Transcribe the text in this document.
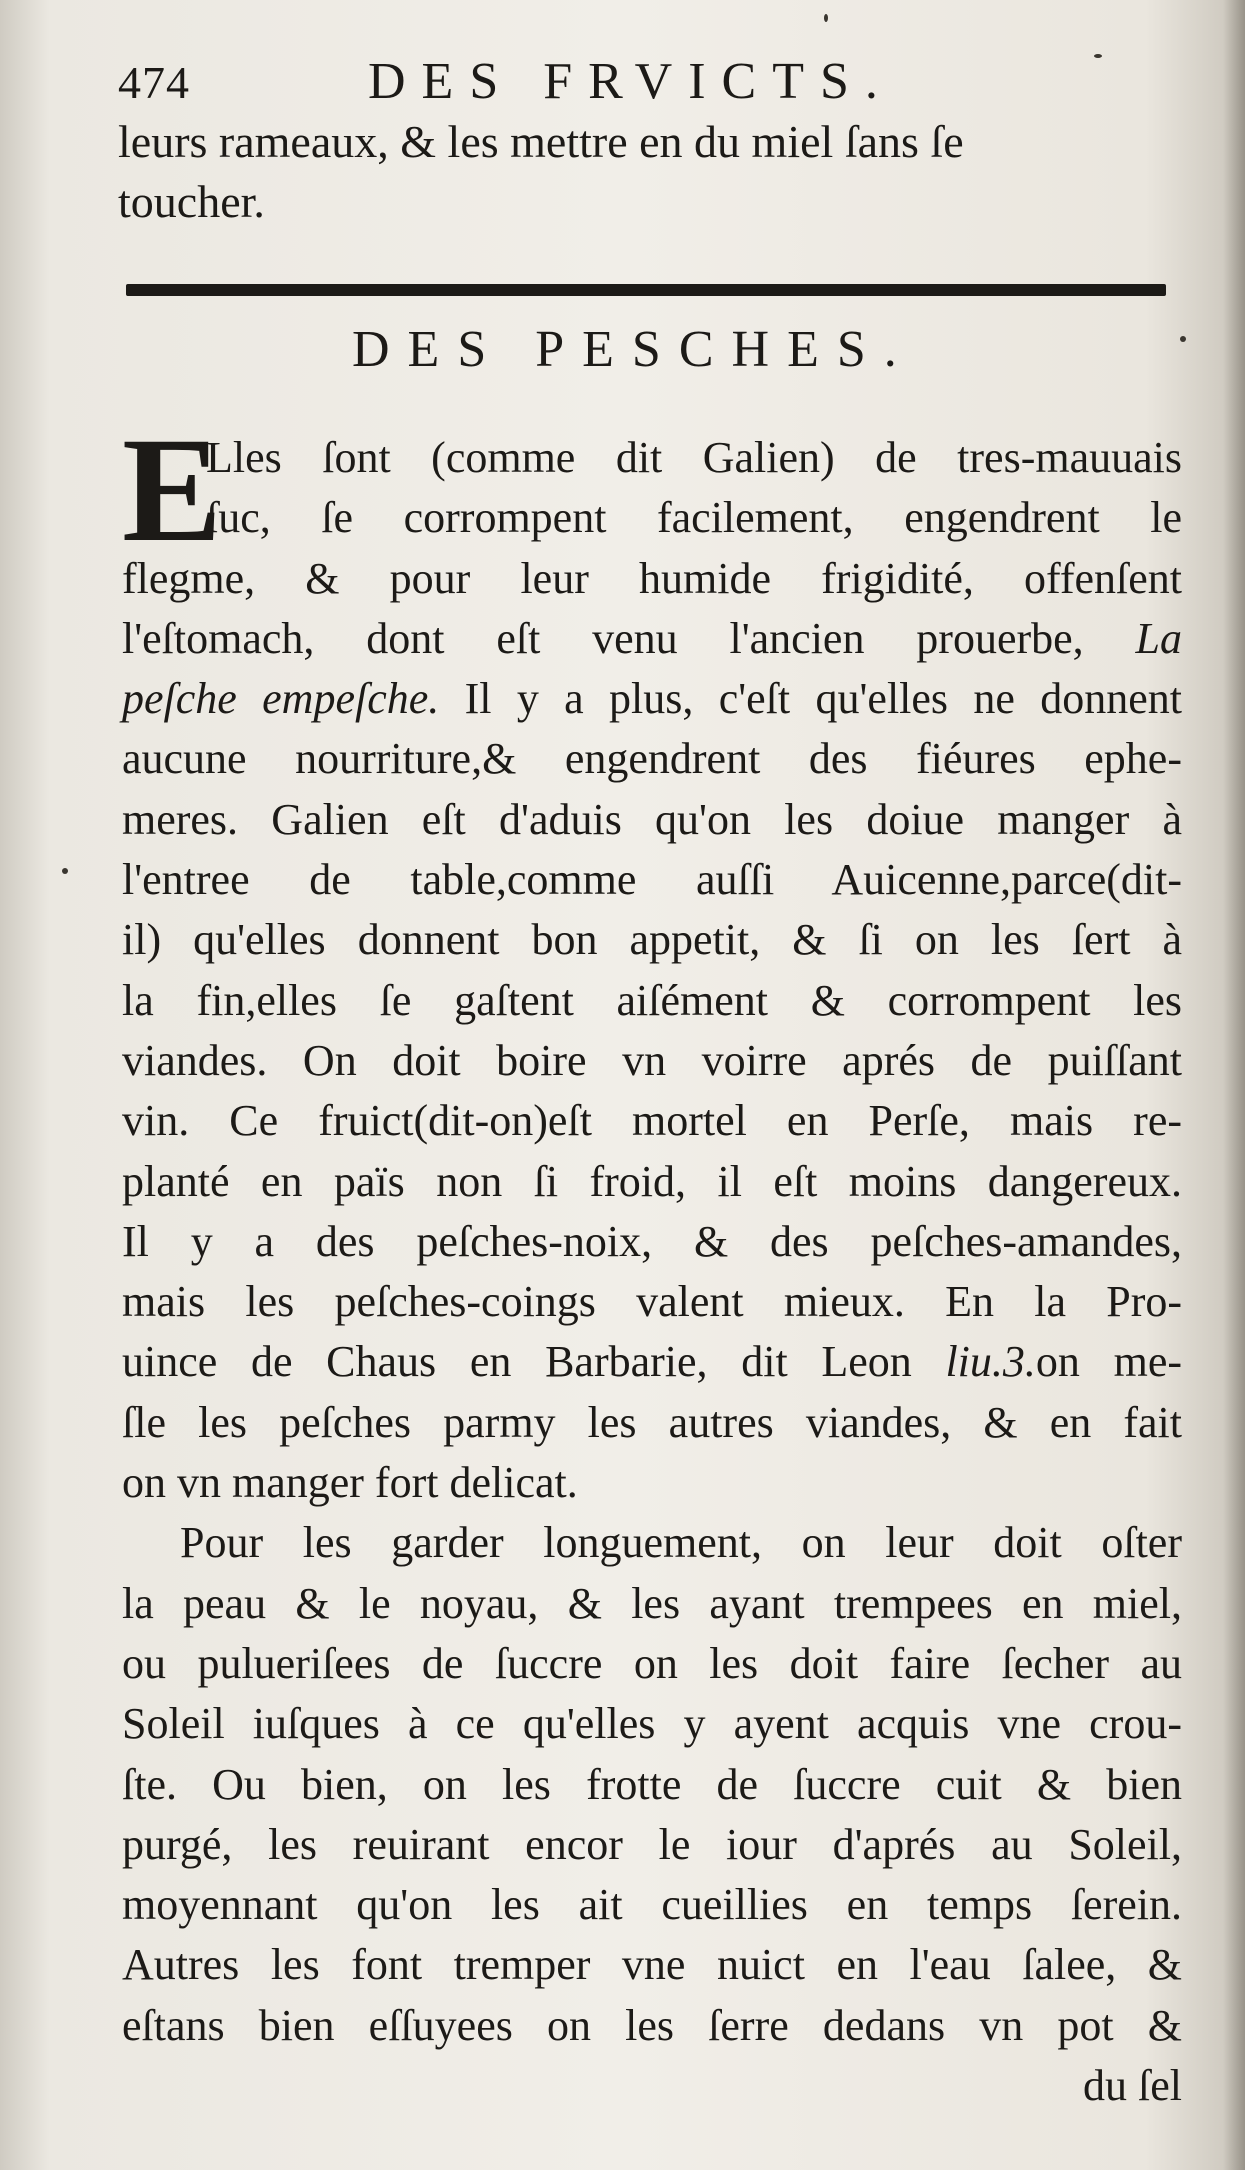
474	DES FRVICTS.
leurs rameaux, & les mettre en du miel ſans ſe
toucher.
DES PESCHES.
E
Lles ſont (comme dit Galien) de tres-mauuais
ſuc, ſe corrompent facilement, engendrent le
flegme, & pour leur humide frigidité, offenſent
l'eſtomach, dont eſt venu l'ancien prouerbe, La
peſche empeſche. Il y a plus, c'eſt qu'elles ne donnent
aucune nourriture,& engendrent des fiéures ephe-
meres. Galien eſt d'aduis qu'on les doiue manger à
l'entree de table,comme auſſi Auicenne,parce(dit-
il) qu'elles donnent bon appetit, & ſi on les ſert à
la fin,elles ſe gaſtent aiſément & corrompent les
viandes. On doit boire vn voirre aprés de puiſſant
vin. Ce fruict(dit-on)eſt mortel en Perſe, mais re-
planté en païs non ſi froid, il eſt moins dangereux.
Il y a des peſches-noix, & des peſches-amandes,
mais les peſches-coings valent mieux. En la Pro-
uince de Chaus en Barbarie, dit Leon liu.3.on me-
ſle les peſches parmy les autres viandes, & en fait
on vn manger fort delicat.
Pour les garder longuement, on leur doit oſter
la peau & le noyau, & les ayant trempees en miel,
ou pulueriſees de ſuccre on les doit faire ſecher au
Soleil iuſques à ce qu'elles y ayent acquis vne crou-
ſte. Ou bien, on les frotte de ſuccre cuit & bien
purgé, les reuirant encor le iour d'aprés au Soleil,
moyennant qu'on les ait cueillies en temps ſerein.
Autres les font tremper vne nuict en l'eau ſalee, &
eſtans bien eſſuyees on les ſerre dedans vn pot &
du ſel
